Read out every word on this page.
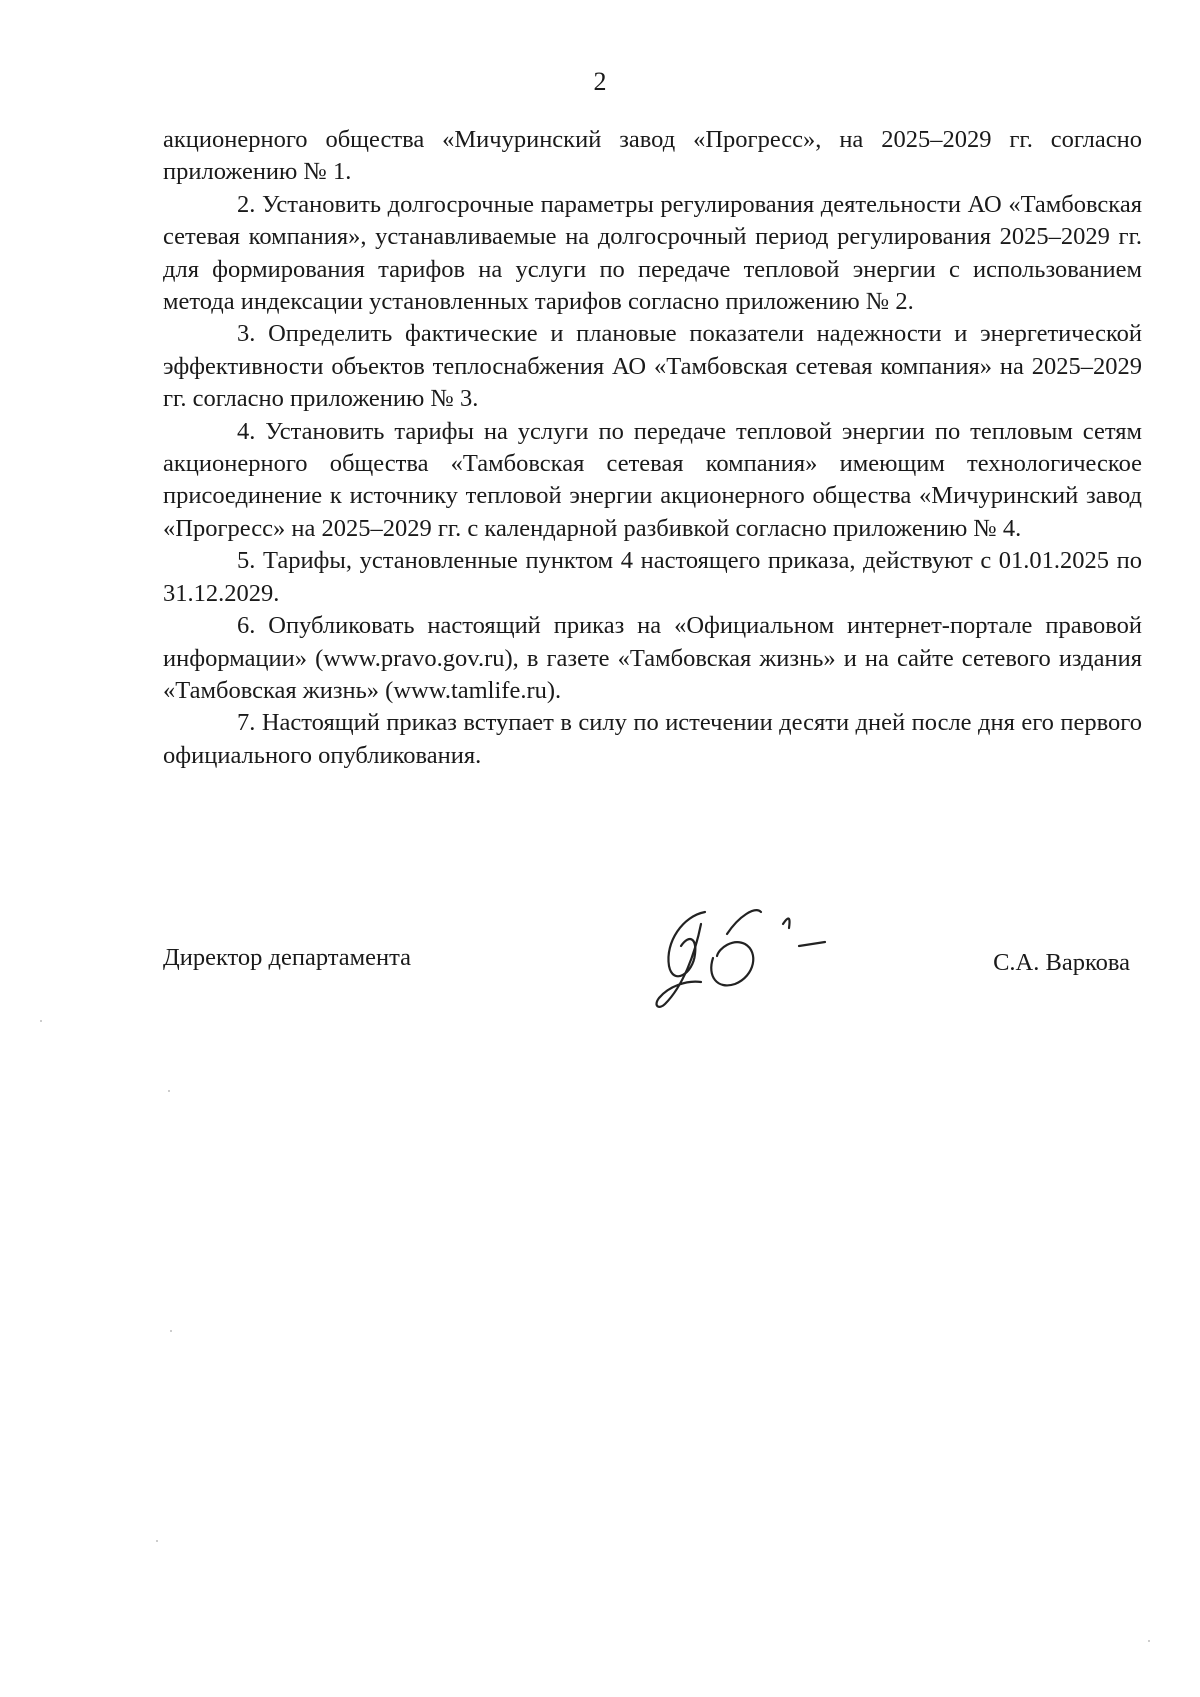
2

акционерного общества «Мичуринский завод «Прогресс», на 2025–2029 гг. согласно приложению № 1.

2. Установить долгосрочные параметры регулирования деятельности АО «Тамбовская сетевая компания», устанавливаемые на долгосрочный период регулирования 2025–2029 гг. для формирования тарифов на услуги по передаче тепловой энергии с использованием метода индексации установленных тарифов согласно приложению № 2.

3. Определить фактические и плановые показатели надежности и энергетической эффективности объектов теплоснабжения АО «Тамбовская сетевая компания» на 2025–2029 гг. согласно приложению № 3.

4. Установить тарифы на услуги по передаче тепловой энергии по тепловым сетям акционерного общества «Тамбовская сетевая компания» имеющим технологическое присоединение к источнику тепловой энергии акционерного общества «Мичуринский завод «Прогресс» на 2025–2029 гг. с календарной разбивкой согласно приложению № 4.

5. Тарифы, установленные пунктом 4 настоящего приказа, действуют с 01.01.2025 по 31.12.2029.

6. Опубликовать настоящий приказ на «Официальном интернет-портале правовой информации» (www.pravo.gov.ru), в газете «Тамбовская жизнь» и на сайте сетевого издания «Тамбовская жизнь» (www.tamlife.ru).

7. Настоящий приказ вступает в силу по истечении десяти дней после дня его первого официального опубликования.

Директор департамента	С.А. Варкова
